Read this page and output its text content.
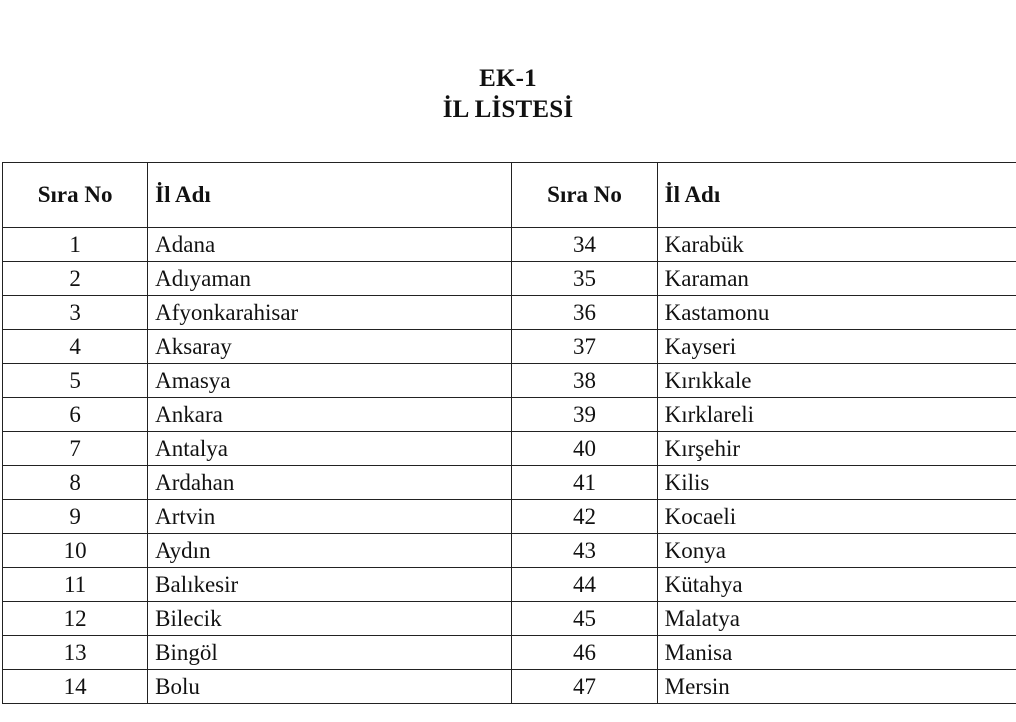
EK-1
İL LİSTESİ
Sıra No	İl Adı	Sıra No	İl Adı
1	Adana	34	Karabük
2	Adıyaman	35	Karaman
3	Afyonkarahisar	36	Kastamonu
4	Aksaray	37	Kayseri
5	Amasya	38	Kırıkkale
6	Ankara	39	Kırklareli
7	Antalya	40	Kırşehir
8	Ardahan	41	Kilis
9	Artvin	42	Kocaeli
10	Aydın	43	Konya
11	Balıkesir	44	Kütahya
12	Bilecik	45	Malatya
13	Bingöl	46	Manisa
14	Bolu	47	Mersin
